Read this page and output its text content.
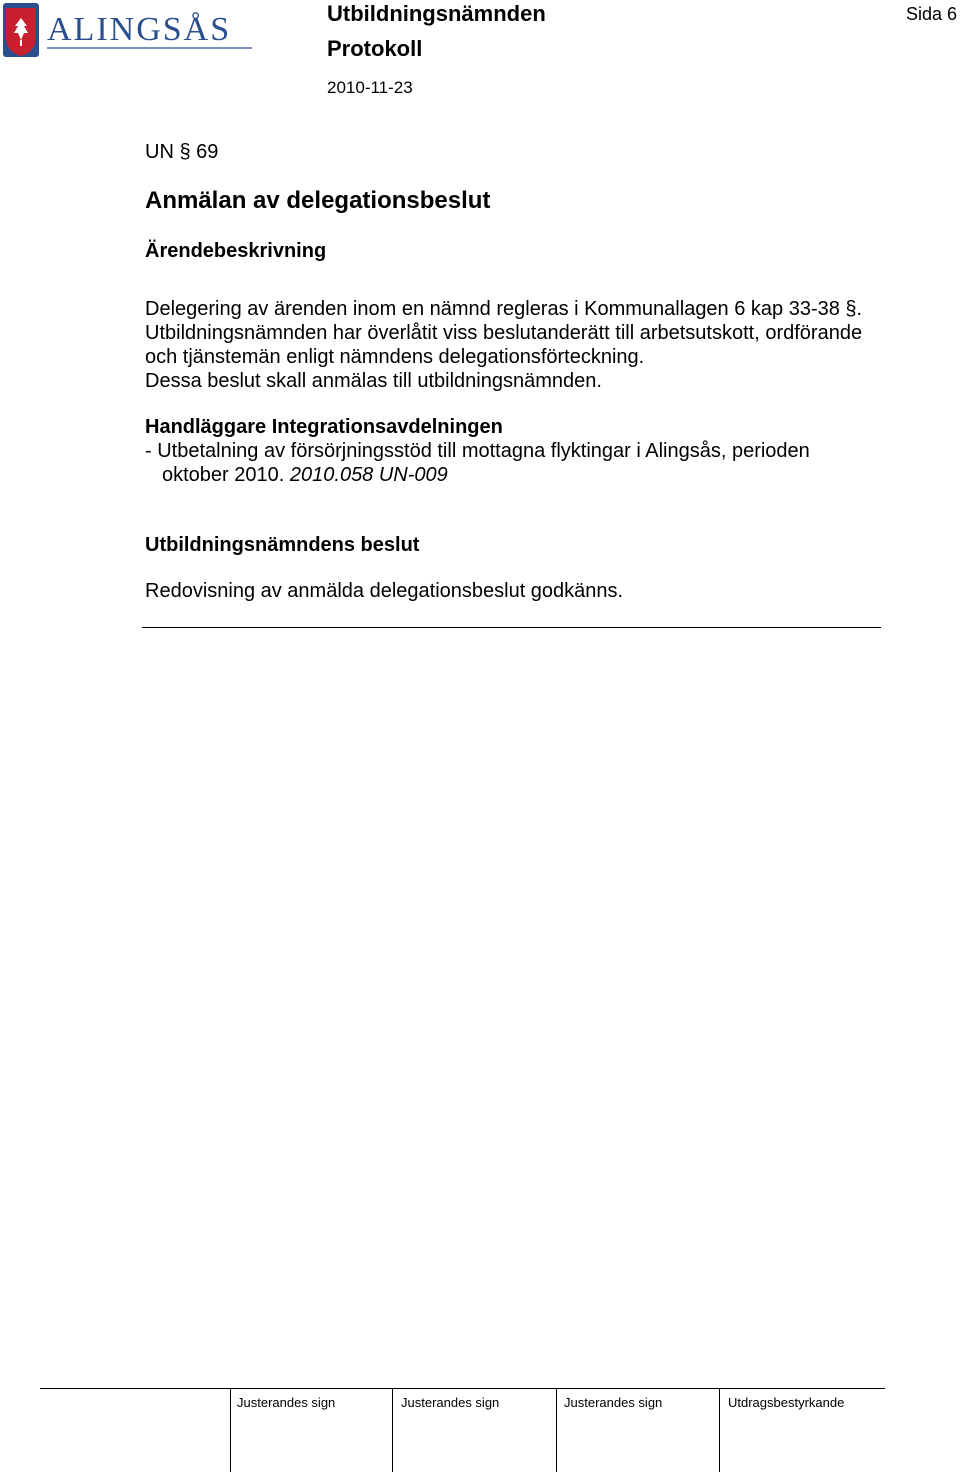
ALINGSÅS	Utbildningsnämnden
Protokoll
2010-11-23
Sida 6
UN § 69
Anmälan av delegationsbeslut
Ärendebeskrivning
Delegering av ärenden inom en nämnd regleras i Kommunallagen 6 kap 33-38 §.
Utbildningsnämnden har överlåtit viss beslutanderätt till arbetsutskott, ordförande
och tjänstemän enligt nämndens delegationsförteckning.
Dessa beslut skall anmälas till utbildningsnämnden.
Handläggare Integrationsavdelningen
- Utbetalning av försörjningsstöd till mottagna flyktingar i Alingsås, perioden
oktober 2010. 2010.058 UN-009
Utbildningsnämndens beslut
Redovisning av anmälda delegationsbeslut godkänns.
Justerandes sign	Justerandes sign	Justerandes sign	Utdragsbestyrkande
